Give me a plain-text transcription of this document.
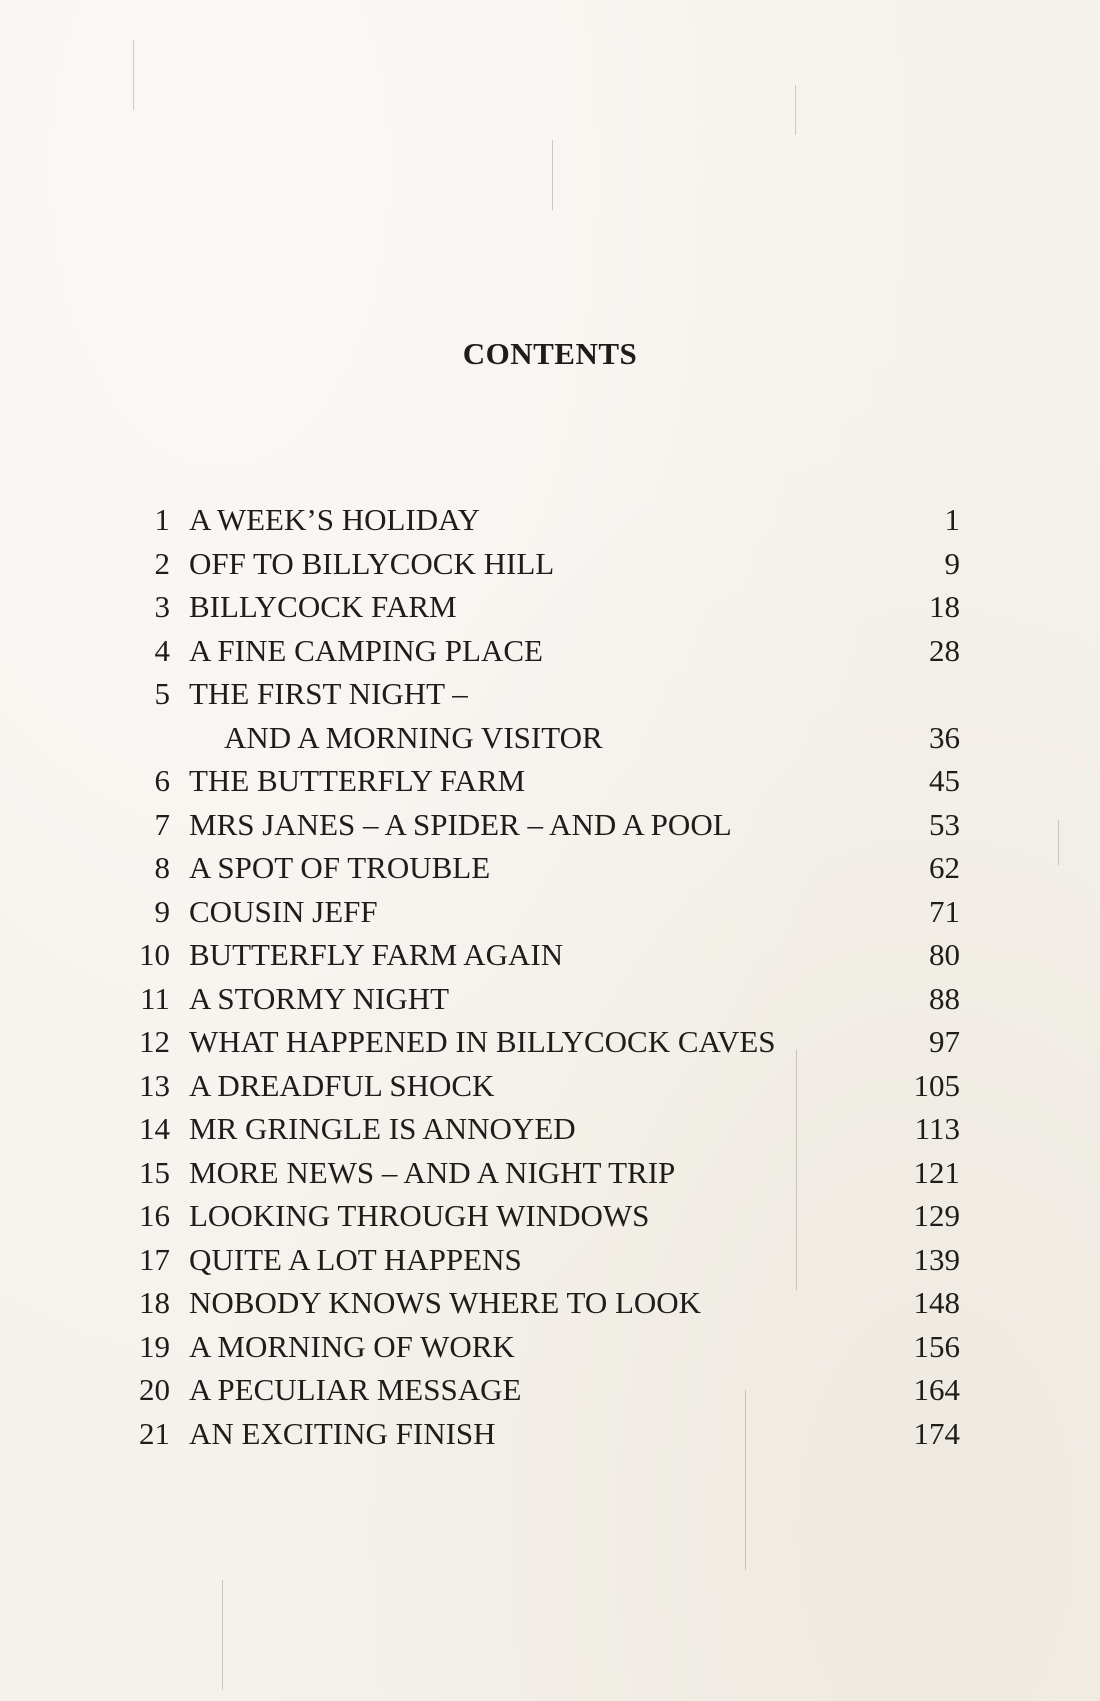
CONTENTS
1 A WEEK’S HOLIDAY	1
2 OFF TO BILLYCOCK HILL	9
3 BILLYCOCK FARM	18
4 A FINE CAMPING PLACE	28
5 THE FIRST NIGHT –
AND A MORNING VISITOR	36
6 THE BUTTERFLY FARM	45
7 MRS JANES – A SPIDER – AND A POOL	53
8 A SPOT OF TROUBLE	62
9 COUSIN JEFF	71
10 BUTTERFLY FARM AGAIN	80
11 A STORMY NIGHT	88
12 WHAT HAPPENED IN BILLYCOCK CAVES	97
13 A DREADFUL SHOCK	105
14 MR GRINGLE IS ANNOYED	113
15 MORE NEWS – AND A NIGHT TRIP	121
16 LOOKING THROUGH WINDOWS	129
17 QUITE A LOT HAPPENS	139
18 NOBODY KNOWS WHERE TO LOOK	148
19 A MORNING OF WORK	156
20 A PECULIAR MESSAGE	164
21 AN EXCITING FINISH	174
